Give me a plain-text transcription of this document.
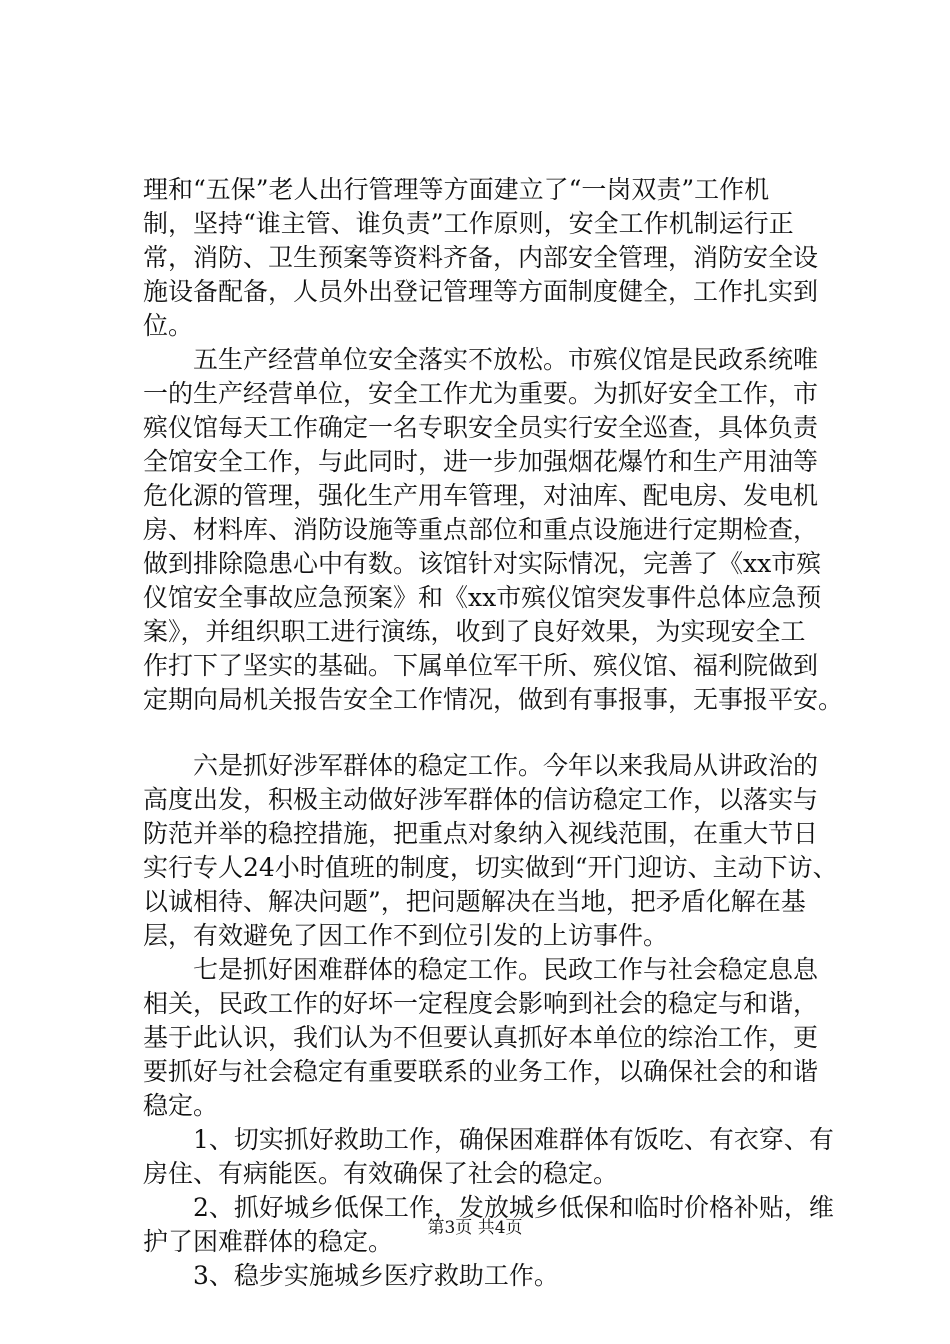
理和“五保”老人出行管理等方面建立了“一岗双责”工作机
制，坚持“谁主管、谁负责”工作原则，安全工作机制运行正
常，消防、卫生预案等资料齐备，内部安全管理，消防安全设
施设备配备，人员外出登记管理等方面制度健全，工作扎实到
位。
　　五生产经营单位安全落实不放松。市殡仪馆是民政系统唯
一的生产经营单位，安全工作尤为重要。为抓好安全工作，市
殡仪馆每天工作确定一名专职安全员实行安全巡查，具体负责
全馆安全工作，与此同时，进一步加强烟花爆竹和生产用油等
危化源的管理，强化生产用车管理，对油库、配电房、发电机
房、材料库、消防设施等重点部位和重点设施进行定期检查，
做到排除隐患心中有数。该馆针对实际情况，完善了《xx市殡
仪馆安全事故应急预案》和《xx市殡仪馆突发事件总体应急预
案》，并组织职工进行演练，收到了良好效果，为实现安全工
作打下了坚实的基础。下属单位军干所、殡仪馆、福利院做到
定期向局机关报告安全工作情况，做到有事报事，无事报平安。
　　六是抓好涉军群体的稳定工作。今年以来我局从讲政治的
高度出发，积极主动做好涉军群体的信访稳定工作，以落实与
防范并举的稳控措施，把重点对象纳入视线范围，在重大节日
实行专人24小时值班的制度，切实做到“开门迎访、主动下访、
以诚相待、解决问题”，把问题解决在当地，把矛盾化解在基
层，有效避免了因工作不到位引发的上访事件。
　　七是抓好困难群体的稳定工作。民政工作与社会稳定息息
相关，民政工作的好坏一定程度会影响到社会的稳定与和谐，
基于此认识，我们认为不但要认真抓好本单位的综治工作，更
要抓好与社会稳定有重要联系的业务工作，以确保社会的和谐
稳定。
　　1、切实抓好救助工作，确保困难群体有饭吃、有衣穿、有
房住、有病能医。有效确保了社会的稳定。
　　2、抓好城乡低保工作，发放城乡低保和临时价格补贴，维
护了困难群体的稳定。
　　3、稳步实施城乡医疗救助工作。
第3页 共4页
